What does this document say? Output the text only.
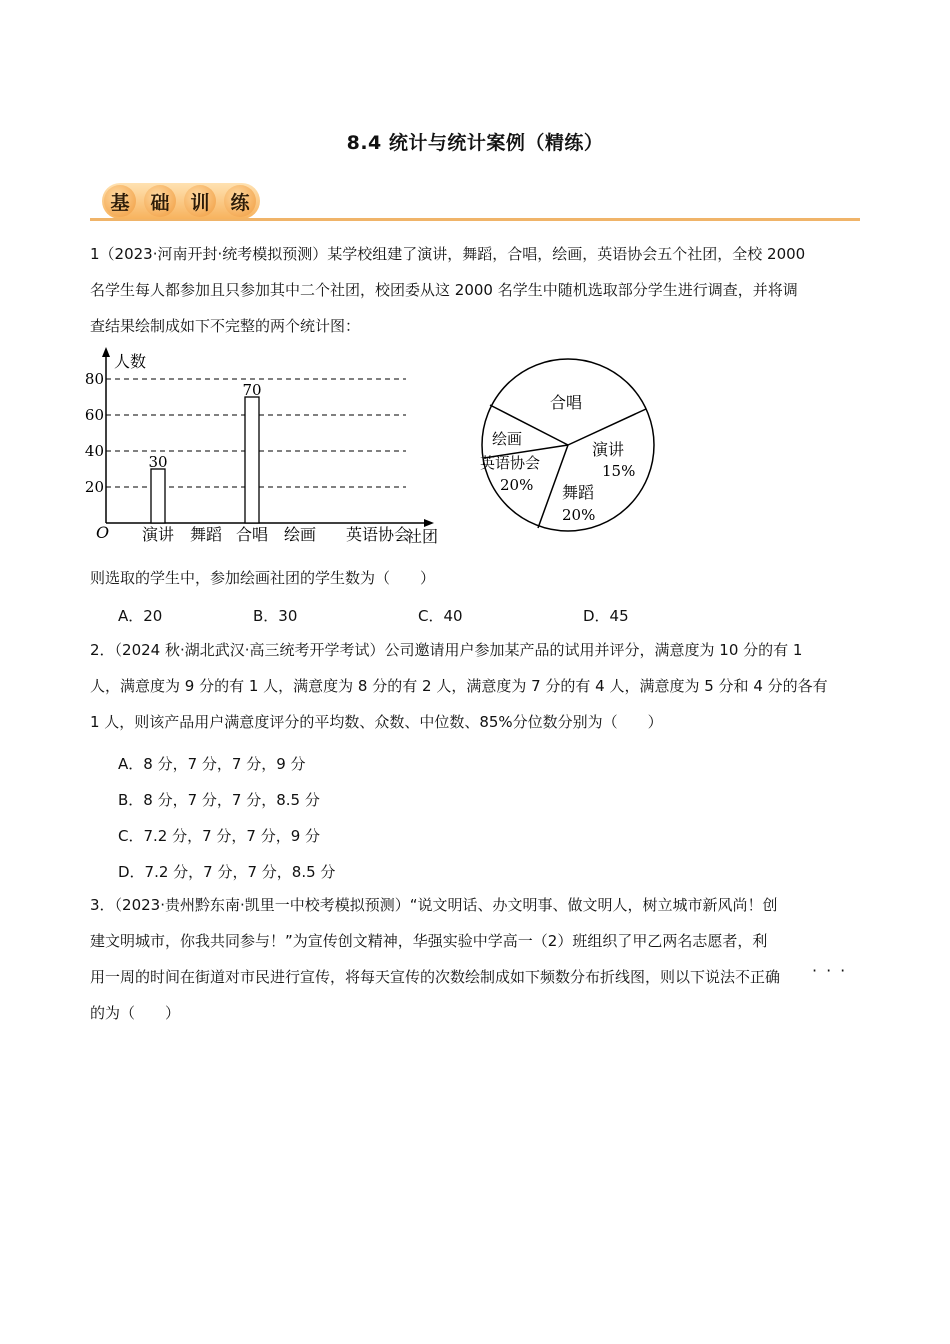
8.4 统计与统计案例（精练）
基	础	训	练
1（2023·河南开封·统考模拟预测）某学校组建了演讲，舞蹈，合唱，绘画，英语协会五个社团，全校 2000
名学生每人都参加且只参加其中二个社团，校团委从这 2000 名学生中随机选取部分学生进行调查，并将调
查结果绘制成如下不完整的两个统计图：
人数
社团
O
20
40
60
80
30
70
演讲 舞蹈 合唱 绘画 英语协会
合唱
演讲
15%
舞蹈
20%
英语协会
20%
绘画
则选取的学生中，参加绘画社团的学生数为（　　）
A．20	B．30	C．40	D．45
2．（2024 秋·湖北武汉·高三统考开学考试）公司邀请用户参加某产品的试用并评分，满意度为 10 分的有 1
人，满意度为 9 分的有 1 人，满意度为 8 分的有 2 人，满意度为 7 分的有 4 人，满意度为 5 分和 4 分的各有
1 人，则该产品用户满意度评分的平均数、众数、中位数、85%分位数分别为（　　）
A．8 分，7 分，7 分，9 分
B．8 分，7 分，7 分，8.5 分
C．7.2 分，7 分，7 分，9 分
D．7.2 分，7 分，7 分，8.5 分
3．（2023·贵州黔东南·凯里一中校考模拟预测）“说文明话、办文明事、做文明人，树立城市新风尚！创
建文明城市，你我共同参与！”为宣传创文精神，华强实验中学高一（2）班组织了甲乙两名志愿者，利
用一周的时间在街道对市民进行宣传，将每天宣传的次数绘制成如下频数分布折线图，则以下说法不正确
的为（　　）
·​·​·
